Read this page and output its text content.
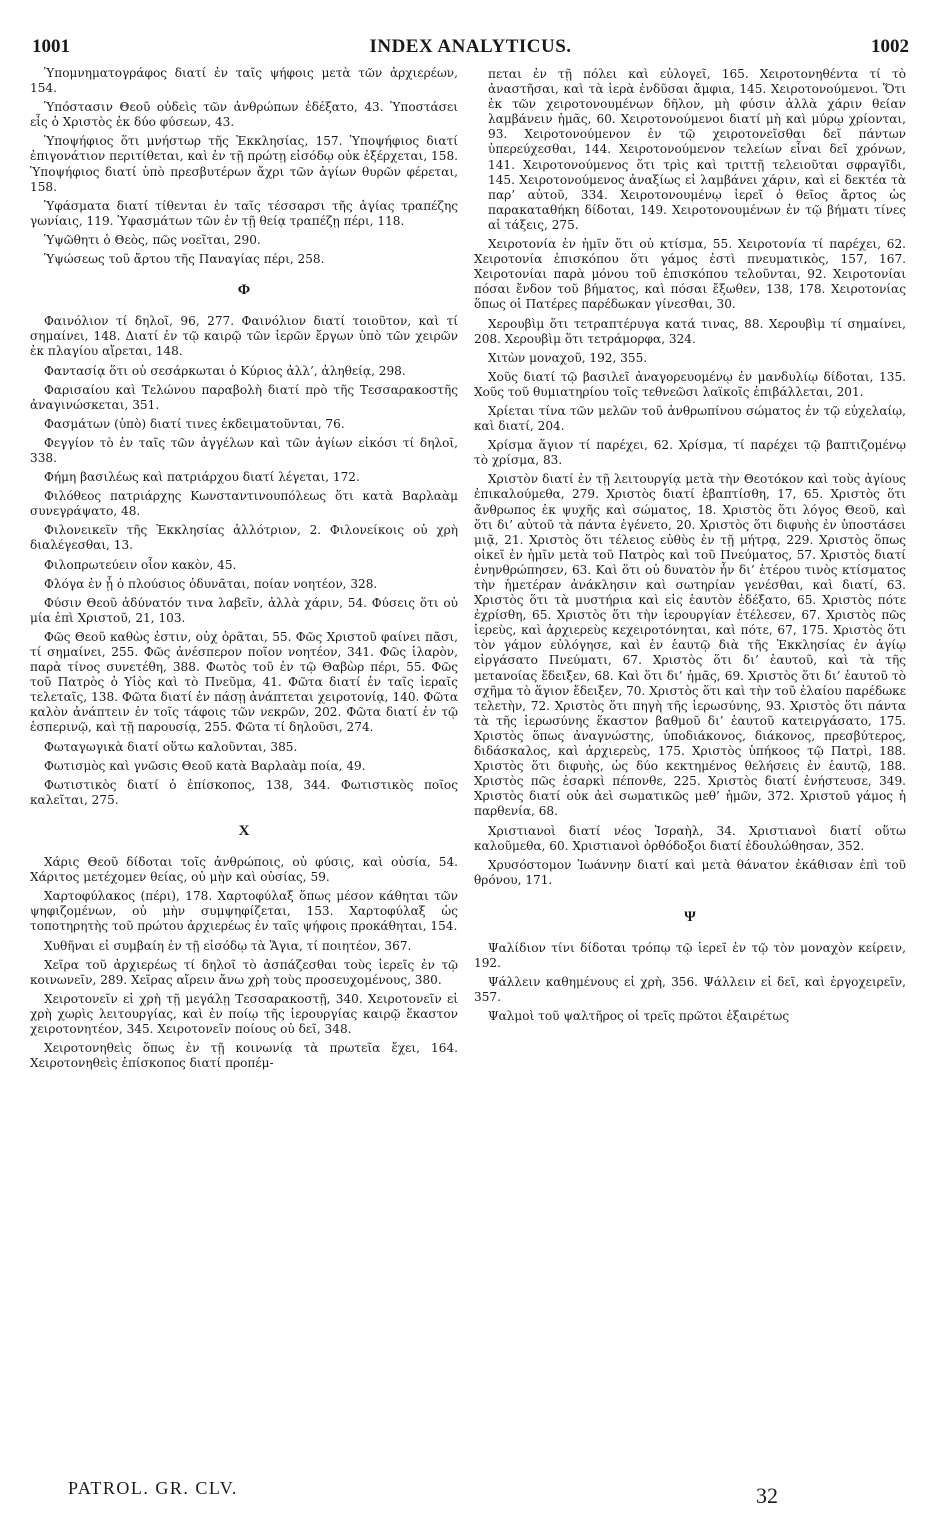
1001	INDEX ANALYTICUS.	1002

Ὑπομνηματογράφος διατί ἐν ταῖς ψήφοις μετὰ τῶν ἀρχιερέων, 154.

Ὑπόστασιν Θεοῦ οὐδεὶς τῶν ἀνθρώπων ἐδέξατο, 43. Ὑποστάσει εἷς ὁ Χριστὸς ἐκ δύο φύσεων, 43.

Ὑποψήφιος ὅτι μνήστωρ τῆς Ἐκκλησίας, 157. Ὑποψήφιος διατί ἐπιγονάτιον περιτίθεται, καὶ ἐν τῇ πρώτῃ εἰσόδῳ οὐκ ἐξέρχεται, 158. Ὑποψήφιος διατί ὑπὸ πρεσβυτέρων ἄχρι τῶν ἁγίων θυρῶν φέρεται, 158.

Ὑφάσματα διατί τίθενται ἐν ταῖς τέσσαρσι τῆς ἁγίας τραπέζης γωνίαις, 119. Ὑφασμάτων τῶν ἐν τῇ θείᾳ τραπέζῃ πέρι, 118.

Ὑψῶθητι ὁ Θεὸς, πῶς νοεῖται, 290.

Ὑψώσεως τοῦ ἄρτου τῆς Παναγίας πέρι, 258.

Φ

Φαινόλιον τί δηλοῖ, 96, 277. Φαινόλιον διατί τοιοῦτον, καὶ τί σημαίνει, 148. Διατί ἐν τῷ καιρῷ τῶν ἱερῶν ἔργων ὑπὸ τῶν χειρῶν ἐκ πλαγίου αἴρεται, 148.

Φαντασίᾳ ὅτι οὐ σεσάρκωται ὁ Κύριος ἀλλ’, ἀληθείᾳ, 298.

Φαρισαίου καὶ Τελώνου παραβολὴ διατί πρὸ τῆς Τεσσαρακοστῆς ἀναγινώσκεται, 351.

Φασμάτων (ὑπὸ) διατί τινες ἐκδειματοῦνται, 76.

Φεγγίον τὸ ἐν ταῖς τῶν ἀγγέλων καὶ τῶν ἁγίων εἰκόσι τί δηλοῖ, 338.

Φήμη βασιλέως καὶ πατριάρχου διατί λέγεται, 172.

Φιλόθεος πατριάρχης Κωνσταντινουπόλεως ὅτι κατὰ Βαρλαὰμ συνεγράψατο, 48.

Φιλονεικεῖν τῆς Ἐκκλησίας ἀλλότριον, 2. Φιλονείκοις οὐ χρὴ διαλέγεσθαι, 13.

Φιλοπρωτεύειν οἷον κακὸν, 45.

Φλόγα ἐν ᾗ ὁ πλούσιος ὀδυνᾶται, ποίαν νοητέον, 328.

Φύσιν Θεοῦ ἀδύνατόν τινα λαβεῖν, ἀλλὰ χάριν, 54. Φύσεις ὅτι οὐ μία ἐπὶ Χριστοῦ, 21, 103.

Φῶς Θεοῦ καθὼς ἐστιν, οὐχ ὁρᾶται, 55. Φῶς Χριστοῦ φαίνει πᾶσι, τί σημαίνει, 255. Φῶς ἀνέσπερον ποῖον νοητέον, 341. Φῶς ἱλαρὸν, παρὰ τίνος συνετέθη, 388. Φωτὸς τοῦ ἐν τῷ Θαβὼρ πέρι, 55. Φῶς τοῦ Πατρὸς ὁ Υἱὸς καὶ τὸ Πνεῦμα, 41. Φῶτα διατί ἐν ταῖς ἱεραῖς τελεταῖς, 138. Φῶτα διατί ἐν πάσῃ ἀνάπτεται χειροτονίᾳ, 140. Φῶτα καλὸν ἀνάπτειν ἐν τοῖς τάφοις τῶν νεκρῶν, 202. Φῶτα διατί ἐν τῷ ἑσπερινῷ, καὶ τῇ παρουσίᾳ, 255. Φῶτα τί δηλοῦσι, 274.

Φωταγωγικὰ διατί οὕτω καλοῦνται, 385.

Φωτισμὸς καὶ γνῶσις Θεοῦ κατὰ Βαρλαὰμ ποία, 49.

Φωτιστικὸς διατί ὁ ἐπίσκοπος, 138, 344. Φωτιστικὸς ποῖος καλεῖται, 275.

Χ

Χάρις Θεοῦ δίδοται τοῖς ἀνθρώποις, οὐ φύσις, καὶ οὐσία, 54. Χάριτος μετέχομεν θείας, οὐ μὴν καὶ οὐσίας, 59.

Χαρτοφύλακος (πέρι), 178. Χαρτοφύλαξ ὅπως μέσον κάθηται τῶν ψηφιζομένων, οὐ μὴν συμψηφίζεται, 153. Χαρτοφύλαξ ὡς τοποτηρητὴς τοῦ πρώτου ἀρχιερέως ἐν ταῖς ψήφοις προκάθηται, 154.

Χυθῆναι εἰ συμβαίη ἐν τῇ εἰσόδῳ τὰ Ἅγια, τί ποιητέον, 367.

Χεῖρα τοῦ ἀρχιερέως τί δηλοῖ τὸ ἀσπάζεσθαι τοὺς ἱερεῖς ἐν τῷ κοινωνεῖν, 289. Χεῖρας αἴρειν ἄνω χρὴ τοὺς προσευχομένους, 380.

Χειροτονεῖν εἰ χρὴ τῇ μεγάλῃ Τεσσαρακοστῇ, 340. Χειροτονεῖν εἰ χρὴ χωρὶς λειτουργίας, καὶ ἐν ποίῳ τῆς ἱερουργίας καιρῷ ἕκαστον χειροτονητέον, 345. Χειροτονεῖν ποίους οὐ δεῖ, 348.

Χειροτονηθεὶς ὅπως ἐν τῇ κοινωνίᾳ τὰ πρωτεῖα ἔχει, 164. Χειροτονηθεὶς ἐπίσκοπος διατί προπέμ-

πεται ἐν τῇ πόλει καὶ εὐλογεῖ, 165. Χειροτονηθέντα τί τὸ ἀναστῆσαι, καὶ τὰ ἱερὰ ἐνδῦσαι ἄμφια, 145. Χειροτονούμενοι. Ὅτι ἐκ τῶν χειροτονουμένων δῆλον, μὴ φύσιν ἀλλὰ χάριν θείαν λαμβάνειν ἡμᾶς, 60. Χειροτονούμενοι διατί μὴ καὶ μύρῳ χρίονται, 93. Χειροτονούμενον ἐν τῷ χειροτονεῖσθαι δεῖ πάντων ὑπερεύχεσθαι, 144. Χειροτονούμενον τελείων εἶναι δεῖ χρόνων, 141. Χειροτονούμενος ὅτι τρὶς καὶ τριττῇ τελειοῦται σφραγῖδι, 145. Χειροτονούμενος ἀναξίως εἰ λαμβάνει χάριν, καὶ εἰ δεκτέα τὰ παρ’ αὐτοῦ, 334. Χειροτονουμένῳ ἱερεῖ ὁ θεῖος ἄρτος ὡς παρακαταθήκη δίδοται, 149. Χειροτονουμένων ἐν τῷ βήματι τίνες αἱ τάξεις, 275.

Χειροτονία ἐν ἡμῖν ὅτι οὐ κτίσμα, 55. Χειροτονία τί παρέχει, 62. Χειροτονία ἐπισκόπου ὅτι γάμος ἐστὶ πνευματικὸς, 157, 167. Χειροτονίαι παρὰ μόνου τοῦ ἐπισκόπου τελοῦνται, 92. Χειροτονίαι πόσαι ἔνδον τοῦ βήματος, καὶ πόσαι ἔξωθεν, 138, 178. Χειροτονίας ὅπως οἱ Πατέρες παρέδωκαν γίνεσθαι, 30.

Χερουβὶμ ὅτι τετραπτέρυγα κατά τινας, 88. Χερουβὶμ τί σημαίνει, 208. Χερουβὶμ ὅτι τετράμορφα, 324.

Χιτὼν μοναχοῦ, 192, 355.

Χοῦς διατί τῷ βασιλεῖ ἀναγορευομένῳ ἐν μανδυλίῳ δίδοται, 135. Χοῦς τοῦ θυμιατηρίου τοῖς τεθνεῶσι λαϊκοῖς ἐπιβάλλεται, 201.

Χρίεται τίνα τῶν μελῶν τοῦ ἀνθρωπίνου σώματος ἐν τῷ εὐχελαίῳ, καὶ διατί, 204.

Χρίσμα ἅγιον τί παρέχει, 62. Χρίσμα, τί παρέχει τῷ βαπτιζομένῳ τὸ χρίσμα, 83.

Χριστὸν διατί ἐν τῇ λειτουργίᾳ μετὰ τὴν Θεοτόκον καὶ τοὺς ἁγίους ἐπικαλούμεθα, 279. Χριστὸς διατί ἐβαπτίσθη, 17, 65. Χριστὸς ὅτι ἄνθρωπος ἐκ ψυχῆς καὶ σώματος, 18. Χριστὸς ὅτι λόγος Θεοῦ, καὶ ὅτι δι’ αὐτοῦ τὰ πάντα ἐγένετο, 20. Χριστὸς ὅτι διφυὴς ἐν ὑποστάσει μιᾷ, 21. Χριστὸς ὅτι τέλειος εὐθὺς ἐν τῇ μήτρᾳ, 229. Χριστὸς ὅπως οἰκεῖ ἐν ἡμῖν μετὰ τοῦ Πατρὸς καὶ τοῦ Πνεύματος, 57. Χριστὸς διατί ἐνηνθρώπησεν, 63. Καὶ ὅτι οὐ δυνατὸν ἦν δι’ ἑτέρου τινὸς κτίσματος τὴν ἡμετέραν ἀνάκλησιν καὶ σωτηρίαν γενέσθαι, καὶ διατί, 63. Χριστὸς ὅτι τὰ μυστήρια καὶ εἰς ἑαυτὸν ἐδέξατο, 65. Χριστὸς πότε ἐχρίσθη, 65. Χριστὸς ὅτι τὴν ἱερουργίαν ἐτέλεσεν, 67. Χριστὸς πῶς ἱερεὺς, καὶ ἀρχιερεὺς κεχειροτόνηται, καὶ πότε, 67, 175. Χριστὸς ὅτι τὸν γάμον εὐλόγησε, καὶ ἐν ἑαυτῷ διὰ τῆς Ἐκκλησίας ἐν ἁγίῳ εἰργάσατο Πνεύματι, 67. Χριστὸς ὅτι δι’ ἑαυτοῦ, καὶ τὰ τῆς μετανοίας ἔδειξεν, 68. Καὶ ὅτι δι’ ἡμᾶς, 69. Χριστὸς ὅτι δι’ ἑαυτοῦ τὸ σχῆμα τὸ ἅγιον ἔδειξεν, 70. Χριστὸς ὅτι καὶ τὴν τοῦ ἐλαίου παρέδωκε τελετὴν, 72. Χριστὸς ὅτι πηγὴ τῆς ἱερωσύνης, 93. Χριστὸς ὅτι πάντα τὰ τῆς ἱερωσύνης ἕκαστον βαθμοῦ δι’ ἑαυτοῦ κατειργάσατο, 175. Χριστὸς ὅπως ἀναγνώστης, ὑποδιάκονος, διάκονος, πρεσβύτερος, διδάσκαλος, καὶ ἀρχιερεὺς, 175. Χριστὸς ὑπήκοος τῷ Πατρὶ, 188. Χριστὸς ὅτι διφυὴς, ὡς δύο κεκτημένος θελήσεις ἐν ἑαυτῷ, 188. Χριστὸς πῶς ἐσαρκὶ πέπονθε, 225. Χριστὸς διατί ἐνήστευσε, 349. Χριστὸς διατί οὐκ ἀεὶ σωματικῶς μεθ’ ἡμῶν, 372. Χριστοῦ γάμος ἡ παρθενία, 68.

Χριστιανοὶ διατί νέος Ἰσραὴλ, 34. Χριστιανοὶ διατί οὕτω καλοῦμεθα, 60. Χριστιανοὶ ὀρθόδοξοι διατί ἐδουλώθησαν, 352.

Χρυσόστομον Ἰωάννην διατί καὶ μετὰ θάνατον ἐκάθισαν ἐπὶ τοῦ θρόνου, 171.

Ψ

Ψαλίδιον τίνι δίδοται τρόπῳ τῷ ἱερεῖ ἐν τῷ τὸν μοναχὸν κείρειν, 192.

Ψάλλειν καθημένους εἰ χρὴ, 356. Ψάλλειν εἰ δεῖ, καὶ ἐργοχειρεῖν, 357.

Ψαλμοὶ τοῦ ψαλτῆρος οἱ τρεῖς πρῶτοι ἐξαιρέτως

PATROL. GR. CLV.	32
